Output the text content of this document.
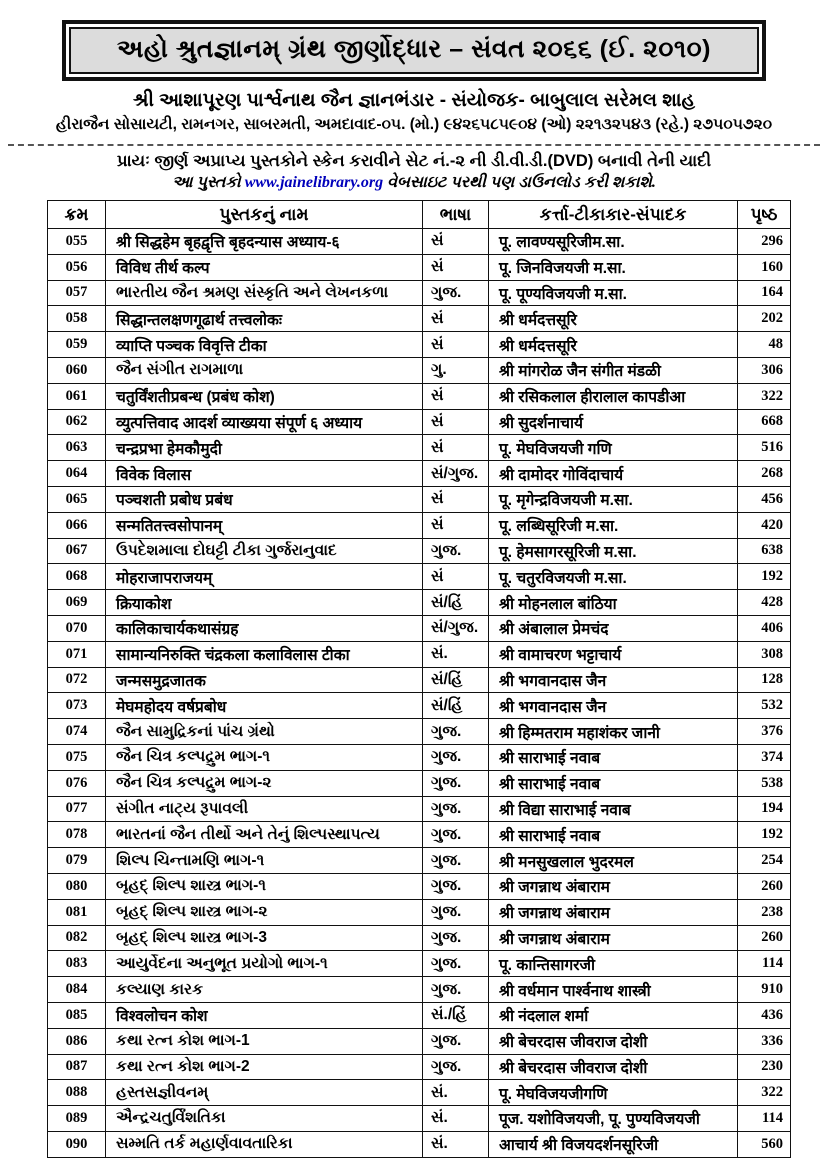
અહો શ્રુતજ્ઞાનમ્ ગ્રંથ જીર્ણોદ્ધાર – સંવત ૨૦૬૬ (ઈ. ૨૦૧૦)
શ્રી આશાપૂરણ પાર્શ્વનાથ જૈન જ્ઞાનભંડાર - સંયોજક- બાબુલાલ સરેમલ શાહ
હીરાજૈન સોસાયટી, રામનગર, સાબરમતી, અમદાવાદ-૦૫. (મો.) ૯૪૨૬૫૮૫૯૦૪ (ઓ) ૨૨૧૩૨૫૪૩ (રહે.) ૨૭૫૦૫૭૨૦
પ્રાયઃ જીર્ણ અપ્રાપ્ય પુસ્તકોને સ્કેન કરાવીને સેટ નં.-૨ ની ડી.વી.ડી.(DVD) બનાવી તેની યાદી
આ પુસ્તકો www.jainelibrary.org વેબસાઇટ પરથી પણ ડાઉનલોડ કરી શકાશે.
ક્રમ	પુસ્તકનું નામ	ભાષા	કર્ત્તા-ટીકાકાર-સંપાદક	પૃષ્ઠ
055	श्री सिद्धहेम बृहद्वृत्ति बृहदन्यास अध्याय-६	સં	पू. लावण्यसूरिजीम.सा.	296
056	विविध तीर्थ कल्प	સં	पू. जिनविजयजी म.सा.	160
057	ભારતીય જૈન શ્રમણ સંસ્કૃતિ અને લેખનકળા	ગુજ.	पू. पूण्यविजयजी म.सा.	164
058	सिद्धान्तलक्षणगूढार्थ तत्त्वलोकः	સં	श्री धर्मदत्तसूरि	202
059	व्याप्ति पञ्चक विवृत्ति टीका	સં	श्री धर्मदत्तसूरि	48
060	જૈન સંગીત રાગમાળા	ગુ.	श्री मांगरोळ जैन संगीत मंडळी	306
061	चतुर्विंशतीप्रबन्ध (प्रबंध कोश)	સં	श्री रसिकलाल हीरालाल कापडीआ	322
062	व्युत्पत्तिवाद आदर्श व्याख्यया संपूर्ण ६ अध्याय	સં	श्री सुदर्शनाचार्य	668
063	चन्द्रप्रभा हेमकौमुदी	સં	पू. मेघविजयजी गणि	516
064	विवेक विलास	સં/ગુજ.	श्री दामोदर गोविंदाचार्य	268
065	पञ्चशती प्रबोध प्रबंध	સં	पू. मृगेन्द्रविजयजी म.सा.	456
066	सन्मतितत्त्वसोपानम्	સં	पू. लब्धिसूरिजी म.सा.	420
067	ઉપદેશમાલા દોઘટ્ટી ટીકા ગુર્જરાનુવાદ	ગુજ.	पू. हेमसागरसूरिजी म.सा.	638
068	मोहराजापराजयम्	સં	पू. चतुरविजयजी म.सा.	192
069	क्रियाकोश	સં/હિં	श्री मोहनलाल बांठिया	428
070	कालिकाचार्यकथासंग्रह	સં/ગુજ.	श्री अंबालाल प्रेमचंद	406
071	सामान्यनिरुक्ति चंद्रकला कलाविलास टीका	સં.	श्री वामाचरण भट्टाचार्य	308
072	जन्मसमुद्रजातक	સં/હિં	श्री भगवानदास जैन	128
073	मेघमहोदय वर्षप्रबोध	સં/હિં	श्री भगवानदास जैन	532
074	જૈન સામુદ્રિકનાં પાંચ ગ્રંથો	ગુજ.	श्री हिम्मतराम महाशंकर जानी	376
075	જૈન ચિત્ર કલ્પદ્રુમ ભાગ-૧	ગુજ.	श्री साराभाई नवाब	374
076	જૈન ચિત્ર કલ્પદ્રુમ ભાગ-૨	ગુજ.	श्री साराभाई नवाब	538
077	સંગીત નાટ્ય રૂપાવલી	ગુજ.	श्री विद्या साराभाई नवाब	194
078	ભારતનાં જૈન તીર્થો અને તેનું શિલ્પસ્થાપત્ય	ગુજ.	श्री साराभाई नवाब	192
079	શિલ્પ ચિન્તામણિ ભાગ-૧	ગુજ.	श्री मनसुखलाल भुदरमल	254
080	બૃહદ્ શિલ્પ શાસ્ત્ર ભાગ-૧	ગુજ.	श्री जगन्नाथ अंबाराम	260
081	બૃહદ્ શિલ્પ શાસ્ત્ર ભાગ-૨	ગુજ.	श्री जगन्नाथ अंबाराम	238
082	બૃહદ્ શિલ્પ શાસ્ત્ર ભાગ-3	ગુજ.	श्री जगन्नाथ अंबाराम	260
083	આયુર્વેદના અનુભૂત પ્રયોગો ભાગ-૧	ગુજ.	पू. कान्तिसागरजी	114
084	કલ્યાણ કારક	ગુજ.	श्री वर्धमान पार्श्वनाथ शास्त्री	910
085	विश्वलोचन कोश	સં./હિં	श्री नंदलाल शर्मा	436
086	કથા રત્ન કોશ ભાગ-1	ગુજ.	श्री बेचरदास जीवराज दोशी	336
087	કથા રત્ન કોશ ભાગ-2	ગુજ.	श्री बेचरदास जीवराज दोशी	230
088	હસ્તસજ્ઞીવનમ્	સં.	पू. मेघविजयजीगणि	322
089	ઐન્દ્રચતુર્વિંશતિકા	સં.	पूज. यशोविजयजी, पू. पुण्यविजयजी	114
090	સમ્મતિ તર્ક મહાર્ણવાવતારિકા	સં.	आचार्य श्री विजयदर्शनसूरिजी	560
